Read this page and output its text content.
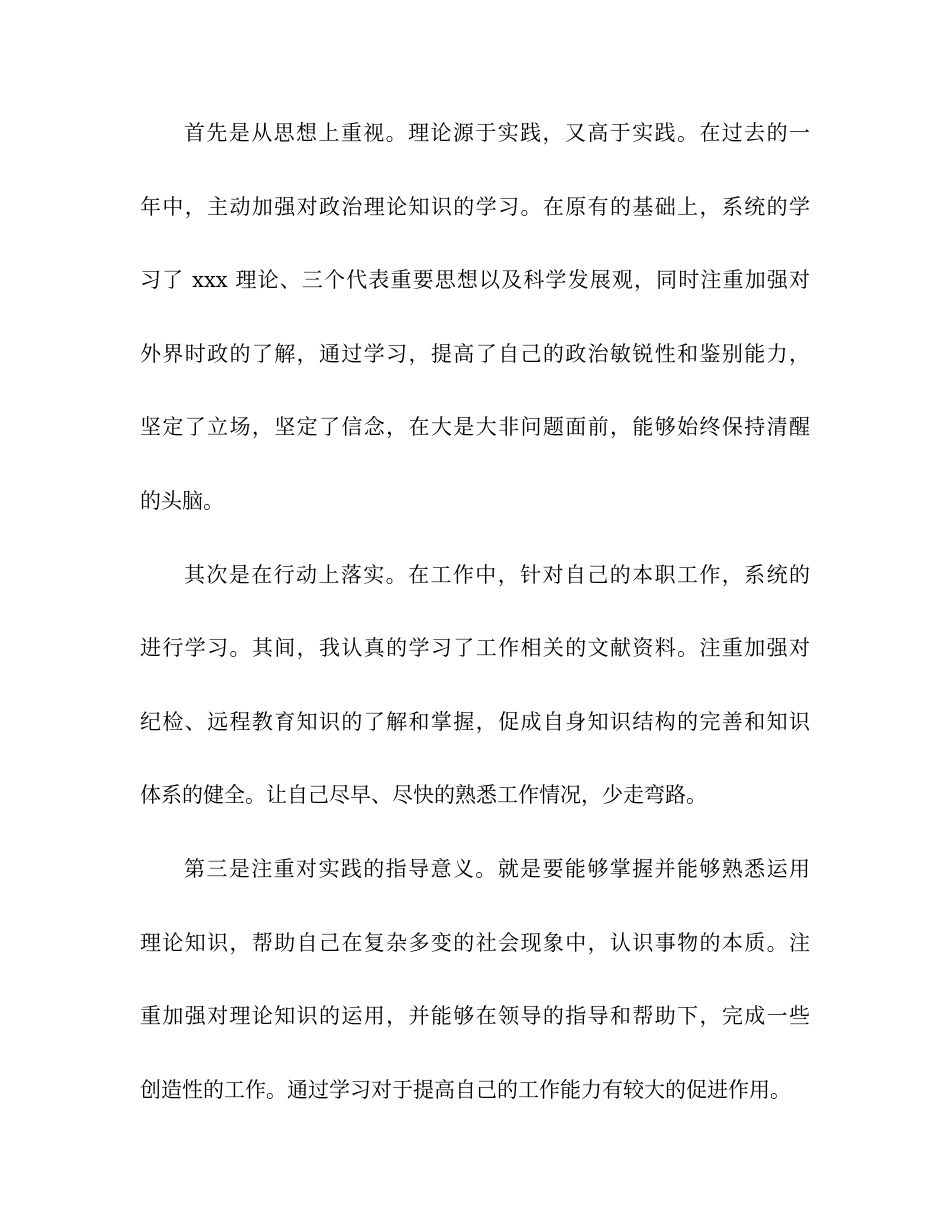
首先是从思想上重视。理论源于实践，又高于实践。在过去的一
年中，主动加强对政治理论知识的学习。在原有的基础上，系统的学
习了 xxx 理论、三个代表重要思想以及科学发展观，同时注重加强对
外界时政的了解，通过学习，提高了自己的政治敏锐性和鉴别能力，
坚定了立场，坚定了信念，在大是大非问题面前，能够始终保持清醒
的头脑。
其次是在行动上落实。在工作中，针对自己的本职工作，系统的
进行学习。其间，我认真的学习了工作相关的文献资料。注重加强对
纪检、远程教育知识的了解和掌握，促成自身知识结构的完善和知识
体系的健全。让自己尽早、尽快的熟悉工作情况，少走弯路。
第三是注重对实践的指导意义。就是要能够掌握并能够熟悉运用
理论知识，帮助自己在复杂多变的社会现象中，认识事物的本质。注
重加强对理论知识的运用，并能够在领导的指导和帮助下，完成一些
创造性的工作。通过学习对于提高自己的工作能力有较大的促进作用。
